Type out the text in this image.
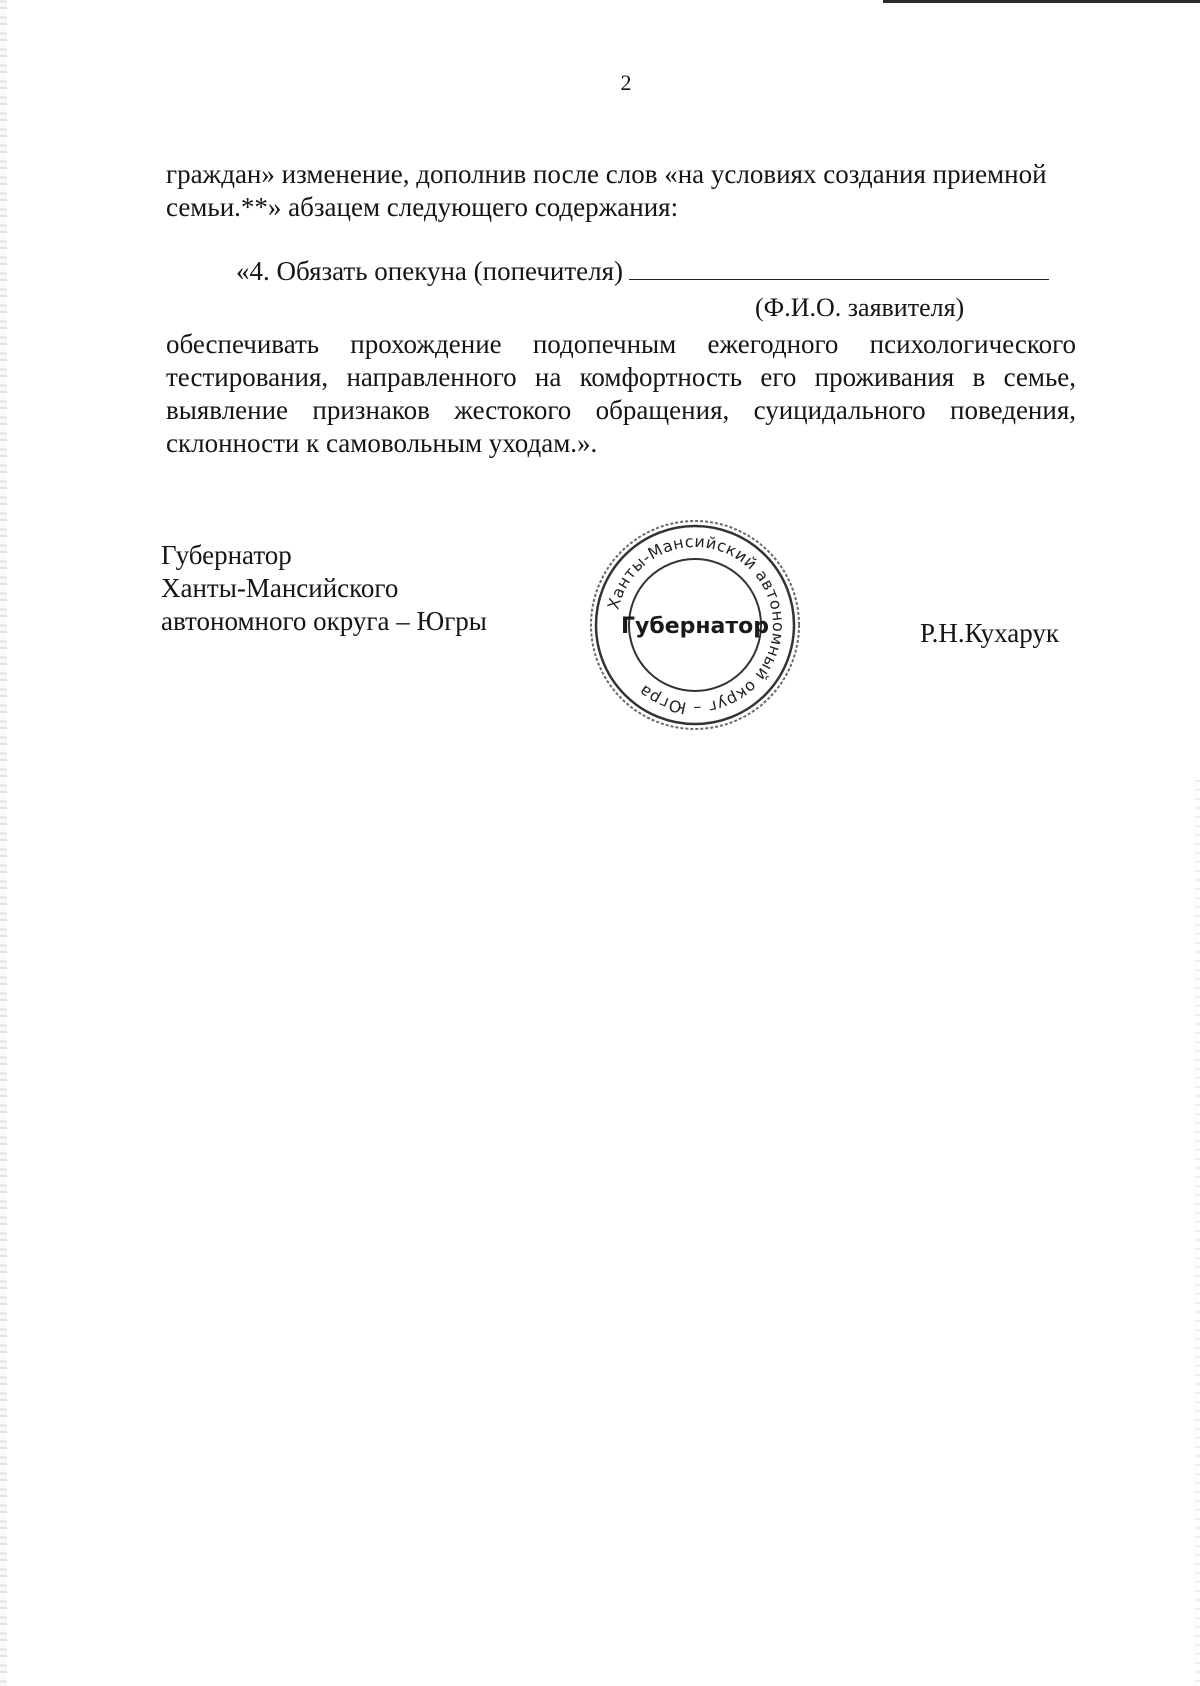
2
граждан» изменение, дополнив после слов «на условиях создания приемной семьи.**» абзацем следующего содержания:
«4. Обязать опекуна (попечителя)
(Ф.И.О. заявителя)
обеспечивать прохождение подопечным ежегодного психологического тестирования, направленного на комфортность его проживания в семье, выявление признаков жестокого обращения, суицидального поведения, склонности к самовольным уходам.».
Губернатор
Ханты-Мансийского
автономного округа – Югры
Ханты-Мансийский автономный округ – Югра
Губернатор	Р.Н.Кухарук
